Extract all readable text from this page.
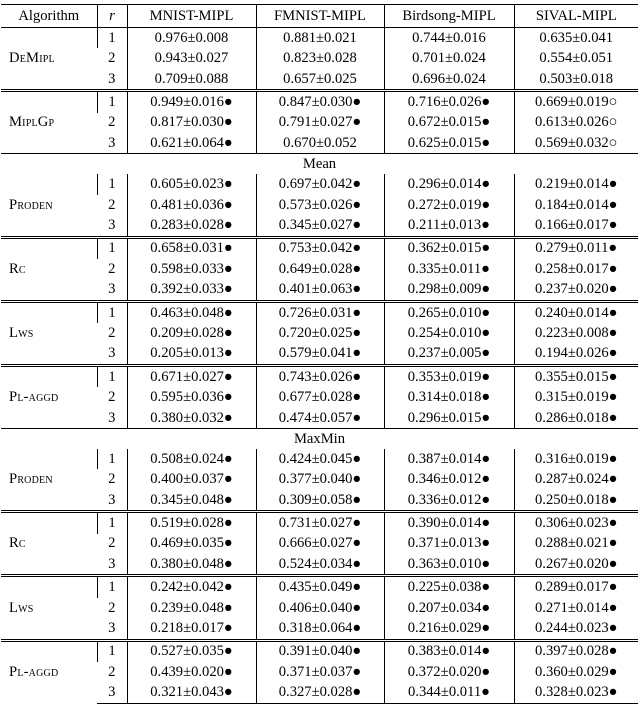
Algorithm	r	MNIST-MIPL	FMNIST-MIPL	Birdsong-MIPL	SIVAL-MIPL
DeMipl	1	0.976±0.008	0.881±0.021	0.744±0.016	0.635±0.041
	2	0.943±0.027	0.823±0.028	0.701±0.024	0.554±0.051
	3	0.709±0.088	0.657±0.025	0.696±0.024	0.503±0.018
MiplGp	1	0.949±0.016●	0.847±0.030●	0.716±0.026●	0.669±0.019○
	2	0.817±0.030●	0.791±0.027●	0.672±0.015●	0.613±0.026○
	3	0.621±0.064●	0.670±0.052	0.625±0.015●	0.569±0.032○
Mean					
Proden	1	0.605±0.023●	0.697±0.042●	0.296±0.014●	0.219±0.014●
	2	0.481±0.036●	0.573±0.026●	0.272±0.019●	0.184±0.014●
	3	0.283±0.028●	0.345±0.027●	0.211±0.013●	0.166±0.017●
Rc	1	0.658±0.031●	0.753±0.042●	0.362±0.015●	0.279±0.011●
	2	0.598±0.033●	0.649±0.028●	0.335±0.011●	0.258±0.017●
	3	0.392±0.033●	0.401±0.063●	0.298±0.009●	0.237±0.020●
Lws	1	0.463±0.048●	0.726±0.031●	0.265±0.010●	0.240±0.014●
	2	0.209±0.028●	0.720±0.025●	0.254±0.010●	0.223±0.008●
	3	0.205±0.013●	0.579±0.041●	0.237±0.005●	0.194±0.026●
Pl-aggd	1	0.671±0.027●	0.743±0.026●	0.353±0.019●	0.355±0.015●
	2	0.595±0.036●	0.677±0.028●	0.314±0.018●	0.315±0.019●
	3	0.380±0.032●	0.474±0.057●	0.296±0.015●	0.286±0.018●
MaxMin					
Proden	1	0.508±0.024●	0.424±0.045●	0.387±0.014●	0.316±0.019●
	2	0.400±0.037●	0.377±0.040●	0.346±0.012●	0.287±0.024●
	3	0.345±0.048●	0.309±0.058●	0.336±0.012●	0.250±0.018●
Rc	1	0.519±0.028●	0.731±0.027●	0.390±0.014●	0.306±0.023●
	2	0.469±0.035●	0.666±0.027●	0.371±0.013●	0.288±0.021●
	3	0.380±0.048●	0.524±0.034●	0.363±0.010●	0.267±0.020●
Lws	1	0.242±0.042●	0.435±0.049●	0.225±0.038●	0.289±0.017●
	2	0.239±0.048●	0.406±0.040●	0.207±0.034●	0.271±0.014●
	3	0.218±0.017●	0.318±0.064●	0.216±0.029●	0.244±0.023●
Pl-aggd	1	0.527±0.035●	0.391±0.040●	0.383±0.014●	0.397±0.028●
	2	0.439±0.020●	0.371±0.037●	0.372±0.020●	0.360±0.029●
	3	0.321±0.043●	0.327±0.028●	0.344±0.011●	0.328±0.023●
